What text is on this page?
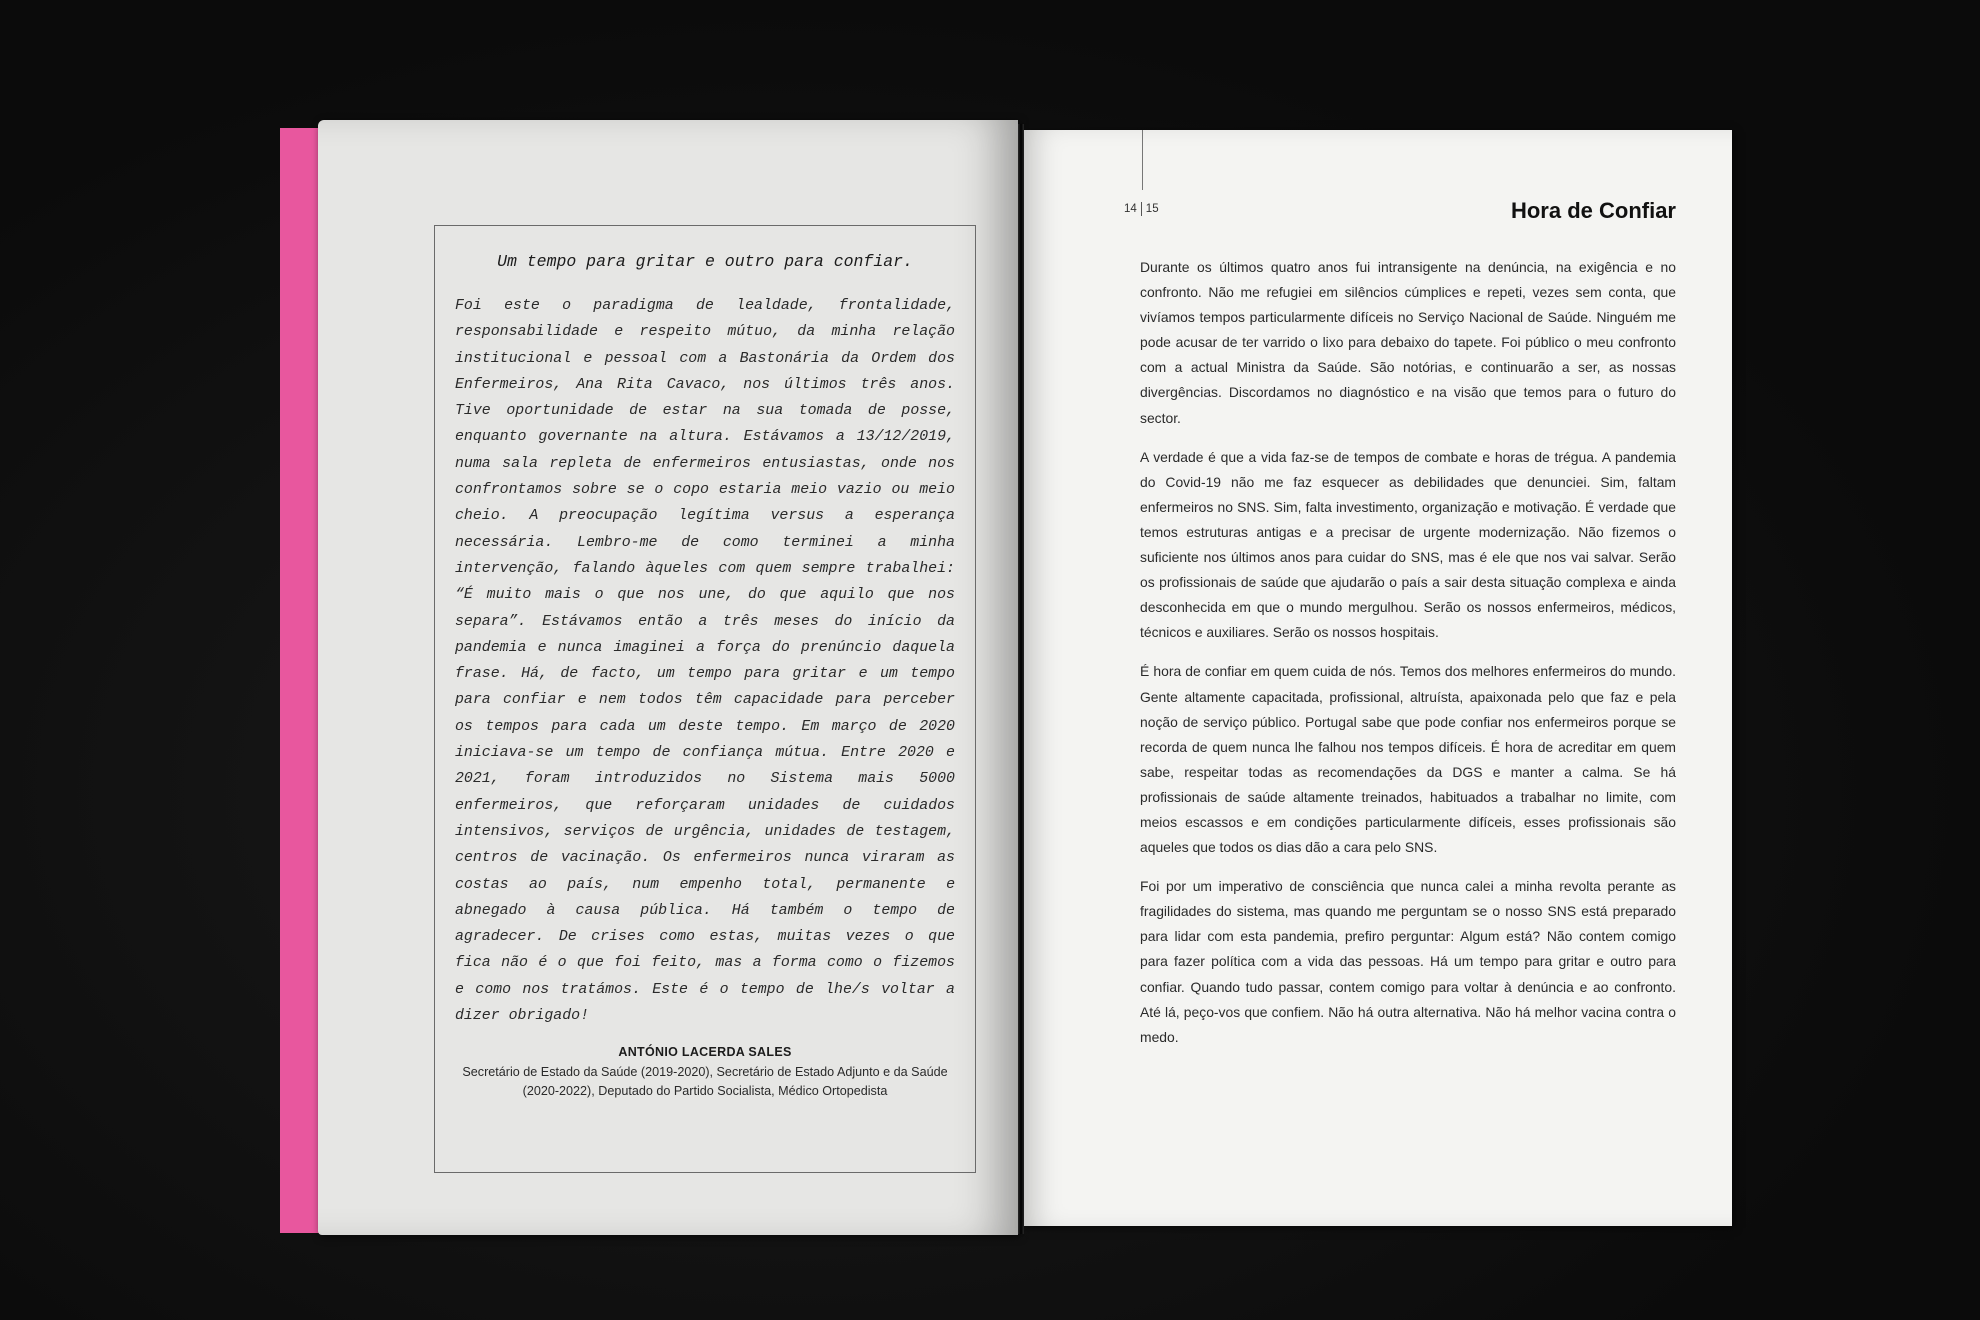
Um tempo para gritar e outro para confiar.

Foi este o paradigma de lealdade, frontalidade, responsabilidade e respeito mútuo, da minha relação institucional e pessoal com a Bastonária da Ordem dos Enfermeiros, Ana Rita Cavaco, nos últimos três anos. Tive oportunidade de estar na sua tomada de posse, enquanto governante na altura. Estávamos a 13/12/2019, numa sala repleta de enfermeiros entusiastas, onde nos confrontamos sobre se o copo estaria meio vazio ou meio cheio. A preocupação legítima versus a esperança necessária. Lembro-me de como terminei a minha intervenção, falando àqueles com quem sempre trabalhei: “É muito mais o que nos une, do que aquilo que nos separa”. Estávamos então a três meses do início da pandemia e nunca imaginei a força do prenúncio daquela frase. Há, de facto, um tempo para gritar e um tempo para confiar e nem todos têm capacidade para perceber os tempos para cada um deste tempo. Em março de 2020 iniciava-se um tempo de confiança mútua. Entre 2020 e 2021, foram introduzidos no Sistema mais 5000 enfermeiros, que reforçaram unidades de cuidados intensivos, serviços de urgência, unidades de testagem, centros de vacinação. Os enfermeiros nunca viraram as costas ao país, num empenho total, permanente e abnegado à causa pública. Há também o tempo de agradecer. De crises como estas, muitas vezes o que fica não é o que foi feito, mas a forma como o fizemos e como nos tratámos. Este é o tempo de lhe/s voltar a dizer obrigado!

ANTÓNIO LACERDA SALES
Secretário de Estado da Saúde (2019-2020), Secretário de Estado Adjunto e da Saúde (2020-2022), Deputado do Partido Socialista, Médico Ortopedista
14 15	Hora de Confiar

Durante os últimos quatro anos fui intransigente na denúncia, na exigência e no confronto. Não me refugiei em silêncios cúmplices e repeti, vezes sem conta, que vivíamos tempos particularmente difíceis no Serviço Nacional de Saúde. Ninguém me pode acusar de ter varrido o lixo para debaixo do tapete. Foi público o meu confronto com a actual Ministra da Saúde. São notórias, e continuarão a ser, as nossas divergências. Discordamos no diagnóstico e na visão que temos para o futuro do sector.

A verdade é que a vida faz-se de tempos de combate e horas de trégua. A pandemia do Covid-19 não me faz esquecer as debilidades que denunciei. Sim, faltam enfermeiros no SNS. Sim, falta investimento, organização e motivação. É verdade que temos estruturas antigas e a precisar de urgente modernização. Não fizemos o suficiente nos últimos anos para cuidar do SNS, mas é ele que nos vai salvar. Serão os profissionais de saúde que ajudarão o país a sair desta situação complexa e ainda desconhecida em que o mundo mergulhou. Serão os nossos enfermeiros, médicos, técnicos e auxiliares. Serão os nossos hospitais.

É hora de confiar em quem cuida de nós. Temos dos melhores enfermeiros do mundo. Gente altamente capacitada, profissional, altruísta, apaixonada pelo que faz e pela noção de serviço público. Portugal sabe que pode confiar nos enfermeiros porque se recorda de quem nunca lhe falhou nos tempos difíceis. É hora de acreditar em quem sabe, respeitar todas as recomendações da DGS e manter a calma. Se há profissionais de saúde altamente treinados, habituados a trabalhar no limite, com meios escassos e em condições particularmente difíceis, esses profissionais são aqueles que todos os dias dão a cara pelo SNS.

Foi por um imperativo de consciência que nunca calei a minha revolta perante as fragilidades do sistema, mas quando me perguntam se o nosso SNS está preparado para lidar com esta pandemia, prefiro perguntar: Algum está? Não contem comigo para fazer política com a vida das pessoas. Há um tempo para gritar e outro para confiar. Quando tudo passar, contem comigo para voltar à denúncia e ao confronto. Até lá, peço-vos que confiem. Não há outra alternativa. Não há melhor vacina contra o medo.
